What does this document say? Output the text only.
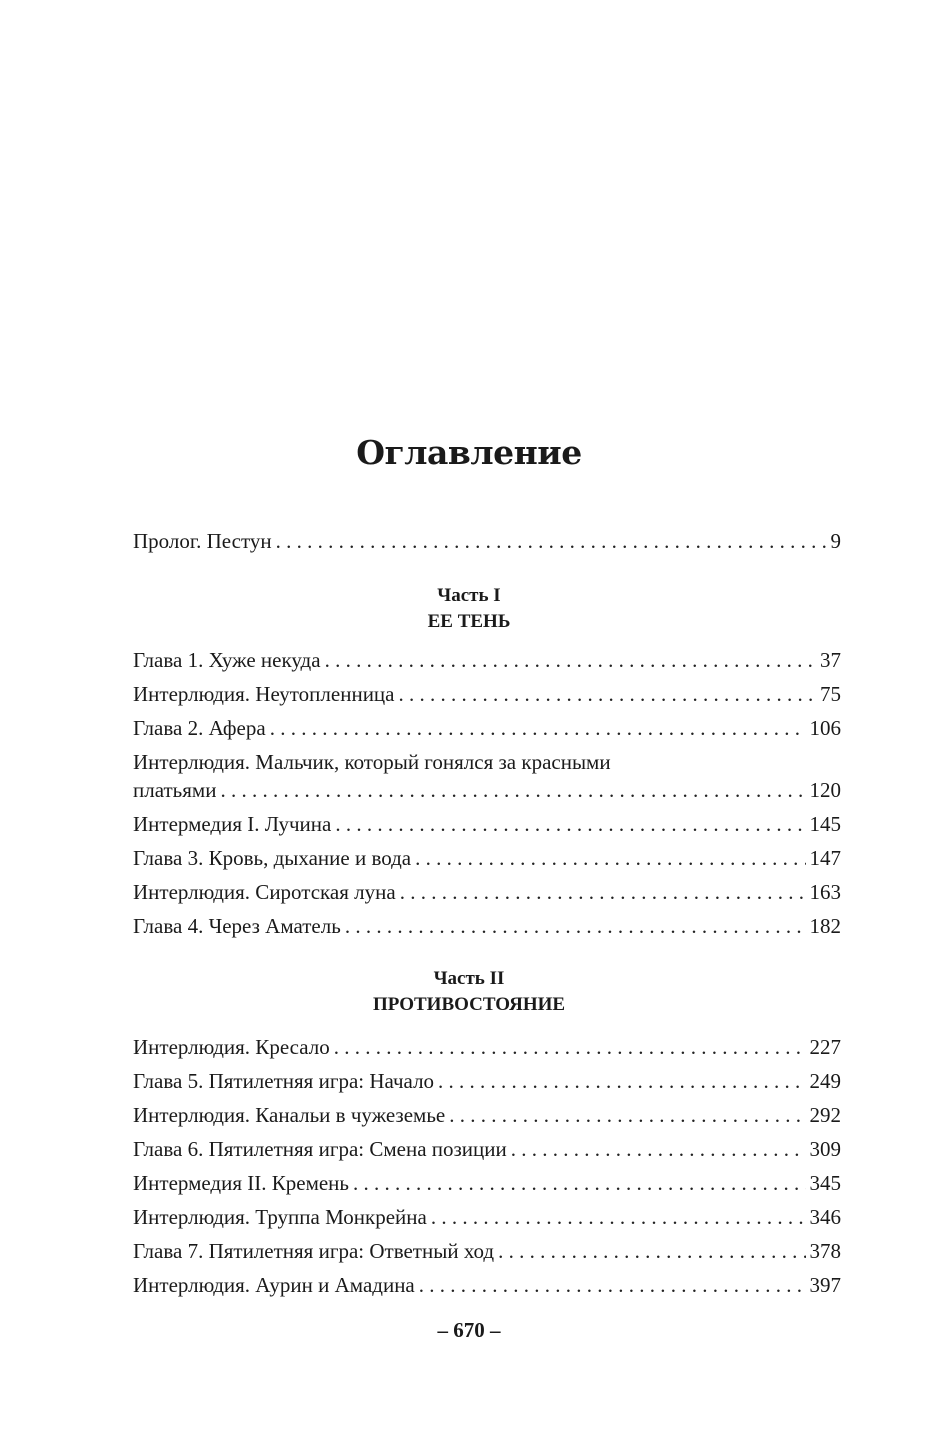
Оглавление
Пролог. Пестун . . .	9
Часть I
ЕЕ ТЕНЬ
Глава 1. Хуже некуда . . .	37
Интерлюдия. Неутопленница . . .	75
Глава 2. Афера . . .	106
Интерлюдия. Мальчик, который гонялся за красными
платьями . . .	120
Интермедия I. Лучина . . .	145
Глава 3. Кровь, дыхание и вода . . .	147
Интерлюдия. Сиротская луна . . .	163
Глава 4. Через Аматель . . .	182
Часть II
ПРОТИВОСТОЯНИЕ
Интерлюдия. Кресало . . .	227
Глава 5. Пятилетняя игра: Начало . . .	249
Интерлюдия. Канальи в чужеземье . . .	292
Глава 6. Пятилетняя игра: Смена позиции . . .	309
Интермедия II. Кремень . . .	345
Интерлюдия. Труппа Монкрейна . . .	346
Глава 7. Пятилетняя игра: Ответный ход . . .	378
Интерлюдия. Аурин и Амадина . . .	397
– 670 –
